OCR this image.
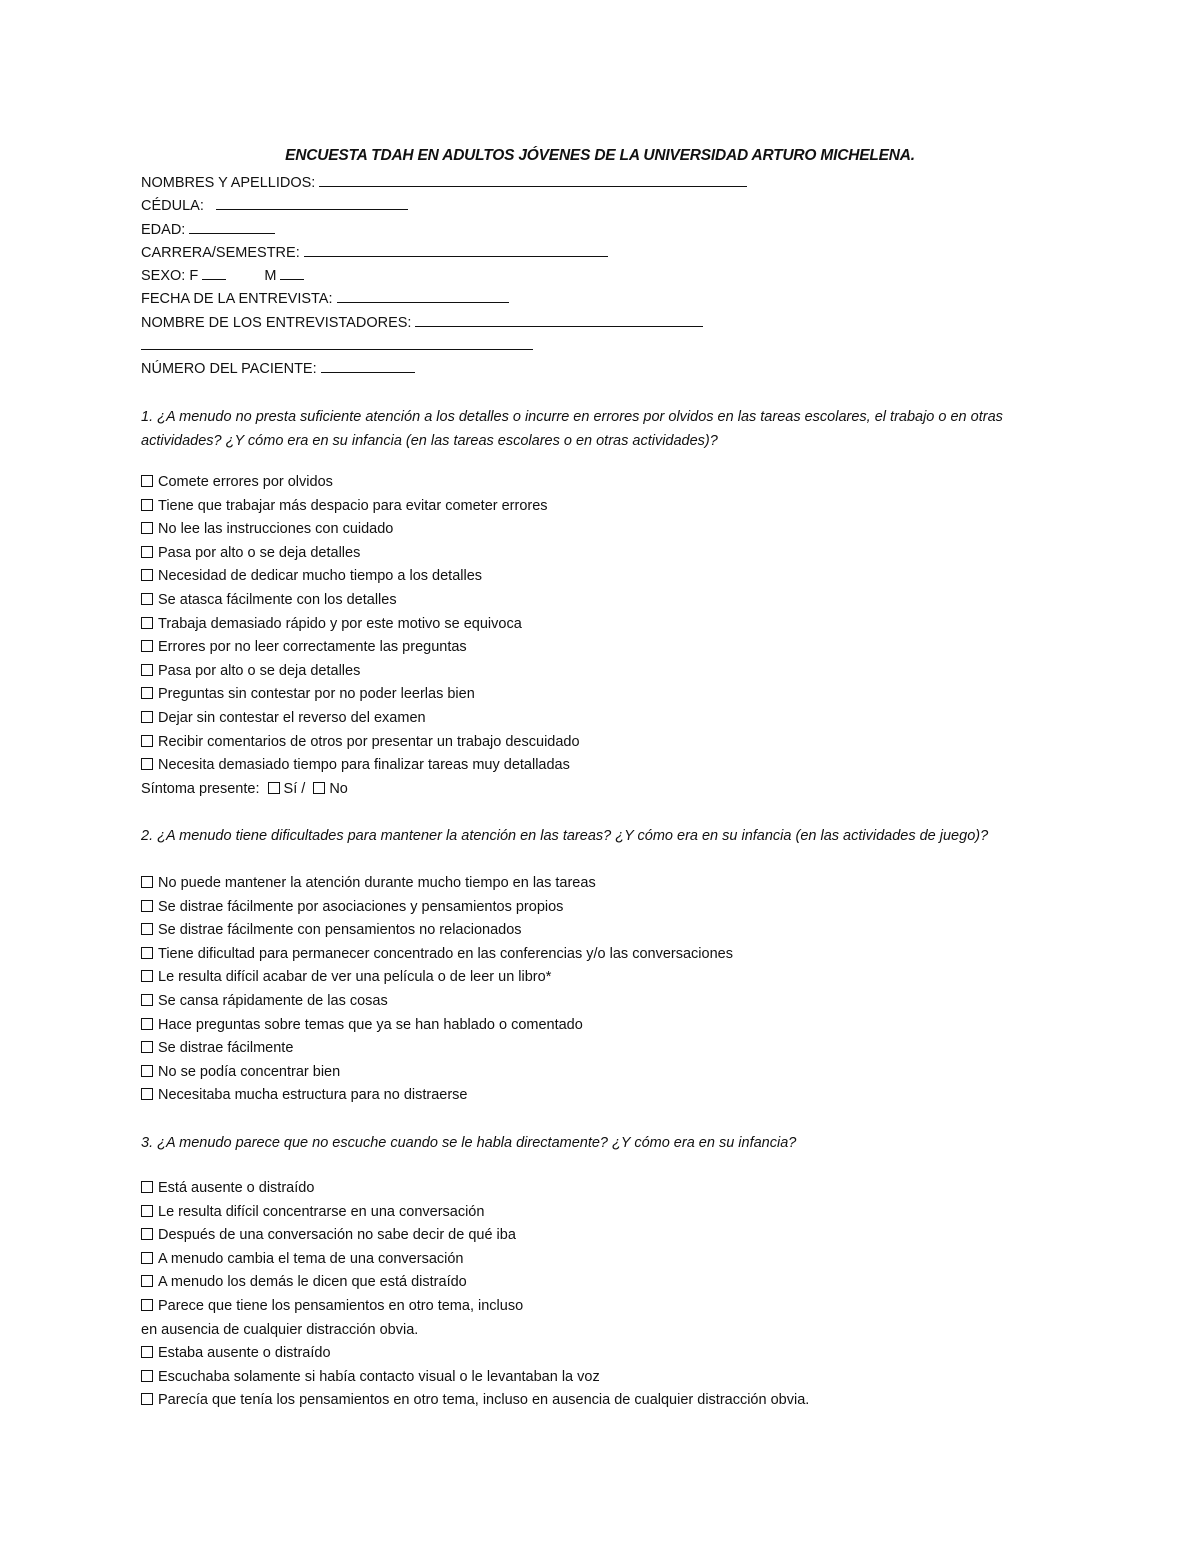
ENCUESTA TDAH EN ADULTOS JÓVENES DE LA UNIVERSIDAD ARTURO MICHELENA.
NOMBRES Y APELLIDOS:
CÉDULA:
EDAD:
CARRERA/SEMESTRE:
SEXO: F	M
FECHA DE LA ENTREVISTA:
NOMBRE DE LOS ENTREVISTADORES:
NÚMERO DEL PACIENTE:
1. ¿A menudo no presta suficiente atención a los detalles o incurre en errores por olvidos en las tareas escolares, el trabajo o en otras actividades? ¿Y cómo era en su infancia (en las tareas escolares o en otras actividades)?
Comete errores por olvidos
Tiene que trabajar más despacio para evitar cometer errores
No lee las instrucciones con cuidado
Pasa por alto o se deja detalles
Necesidad de dedicar mucho tiempo a los detalles
Se atasca fácilmente con los detalles
Trabaja demasiado rápido y por este motivo se equivoca
Errores por no leer correctamente las preguntas
Pasa por alto o se deja detalles
Preguntas sin contestar por no poder leerlas bien
Dejar sin contestar el reverso del examen
Recibir comentarios de otros por presentar un trabajo descuidado
Necesita demasiado tiempo para finalizar tareas muy detalladas
Síntoma presente: Sí / No
2. ¿A menudo tiene dificultades para mantener la atención en las tareas? ¿Y cómo era en su infancia (en las actividades de juego)?
No puede mantener la atención durante mucho tiempo en las tareas
Se distrae fácilmente por asociaciones y pensamientos propios
Se distrae fácilmente con pensamientos no relacionados
Tiene dificultad para permanecer concentrado en las conferencias y/o las conversaciones
Le resulta difícil acabar de ver una película o de leer un libro*
Se cansa rápidamente de las cosas
Hace preguntas sobre temas que ya se han hablado o comentado
Se distrae fácilmente
No se podía concentrar bien
Necesitaba mucha estructura para no distraerse
3. ¿A menudo parece que no escuche cuando se le habla directamente? ¿Y cómo era en su infancia?
Está ausente o distraído
Le resulta difícil concentrarse en una conversación
Después de una conversación no sabe decir de qué iba
A menudo cambia el tema de una conversación
A menudo los demás le dicen que está distraído
Parece que tiene los pensamientos en otro tema, incluso
en ausencia de cualquier distracción obvia.
Estaba ausente o distraído
Escuchaba solamente si había contacto visual o le levantaban la voz
Parecía que tenía los pensamientos en otro tema, incluso en ausencia de cualquier distracción obvia.
